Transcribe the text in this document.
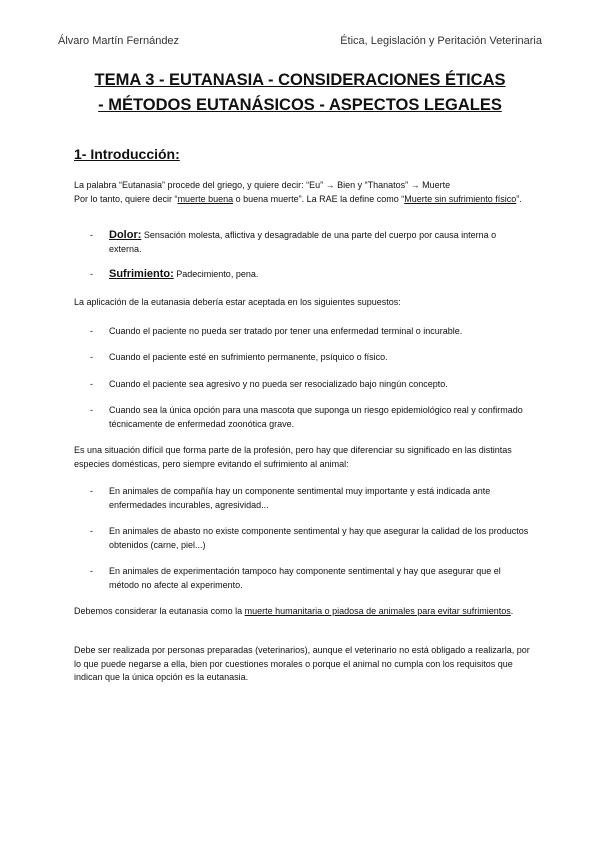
Álvaro Martín Fernández	Ética, Legislación y Peritación Veterinaria
TEMA 3 - EUTANASIA - CONSIDERACIONES ÉTICAS
- MÉTODOS EUTANÁSICOS - ASPECTOS LEGALES
1- Introducción:
La palabra “Eutanasia” procede del griego, y quiere decir: “Eu” → Bien y “Thanatos” → Muerte
Por lo tanto, quiere decir “muerte buena o buena muerte”. La RAE la define como “Muerte sin sufrimiento físico”.
- Dolor: Sensación molesta, aflictiva y desagradable de una parte del cuerpo por causa interna o externa.
- Sufrimiento: Padecimiento, pena.
La aplicación de la eutanasia debería estar aceptada en los siguientes supuestos:
- Cuando el paciente no pueda ser tratado por tener una enfermedad terminal o incurable.
- Cuando el paciente esté en sufrimiento permanente, psíquico o físico.
- Cuando el paciente sea agresivo y no pueda ser resocializado bajo ningún concepto.
- Cuando sea la única opción para una mascota que suponga un riesgo epidemiológico real y confirmado técnicamente de enfermedad zoonótica grave.
Es una situación difícil que forma parte de la profesión, pero hay que diferenciar su significado en las distintas especies domésticas, pero siempre evitando el sufrimiento al animal:
- En animales de compañía hay un componente sentimental muy importante y está indicada ante enfermedades incurables, agresividad...
- En animales de abasto no existe componente sentimental y hay que asegurar la calidad de los productos obtenidos (carne, piel...)
- En animales de experimentación tampoco hay componente sentimental y hay que asegurar que el método no afecte al experimento.
Debemos considerar la eutanasia como la muerte humanitaria o piadosa de animales para evitar sufrimientos.
Debe ser realizada por personas preparadas (veterinarios), aunque el veterinario no está obligado a realizarla, por lo que puede negarse a ella, bien por cuestiones morales o porque el animal no cumpla con los requisitos que indican que la única opción es la eutanasia.
